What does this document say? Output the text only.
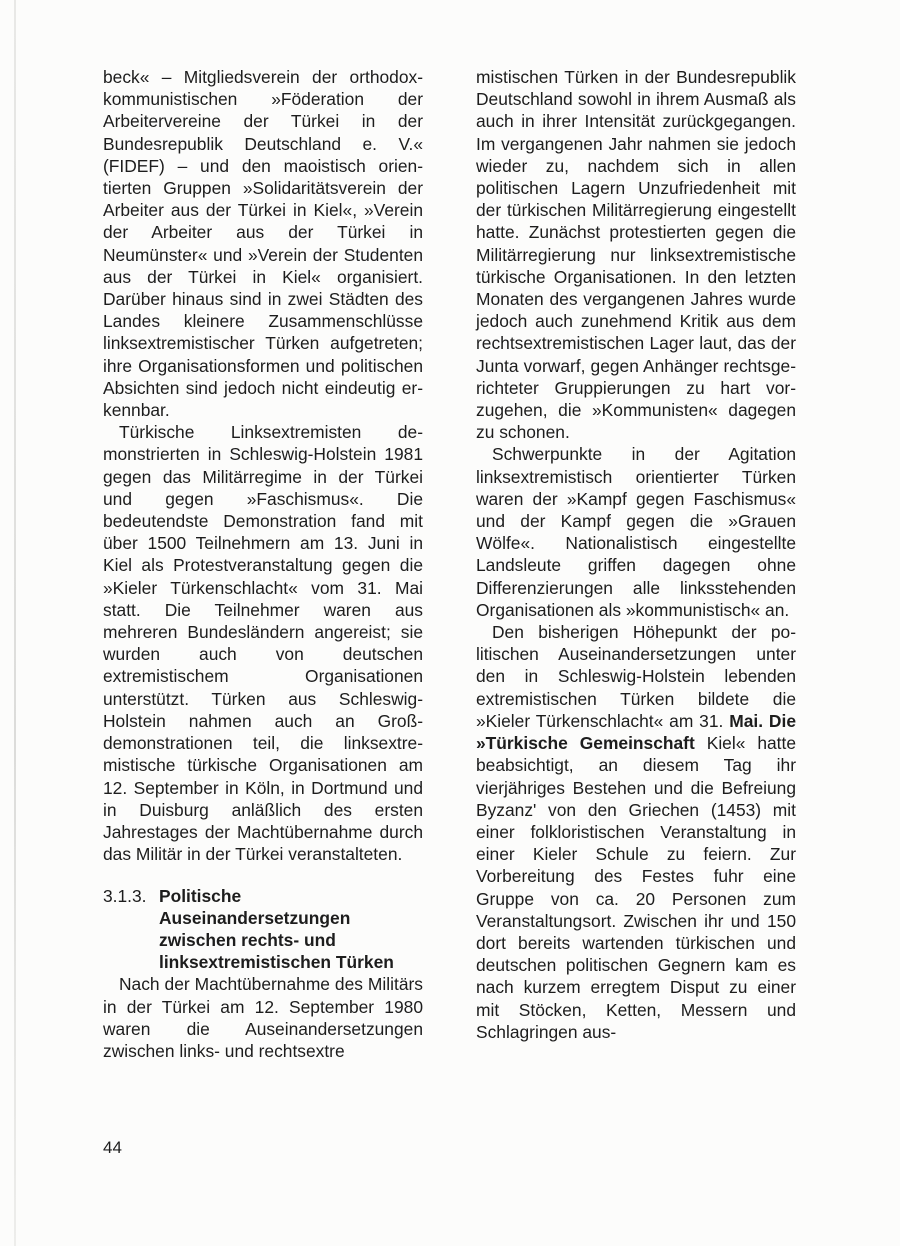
beck« – Mitgliedsverein der orthodox-kommunistischen »Föderation der Arbeitervereine der Türkei in der Bundesrepublik Deutschland e. V.« (FIDEF) – und den maoistisch orientierten Gruppen »Solidaritätsverein der Arbeiter aus der Türkei in Kiel«, »Verein der Arbeiter aus der Türkei in Neumünster« und »Verein der Studenten aus der Türkei in Kiel« organisiert. Darüber hinaus sind in zwei Städten des Landes kleinere Zusammenschlüsse linksextremistischer Türken aufgetreten; ihre Organisationsformen und politischen Absichten sind jedoch nicht eindeutig erkennbar.

Türkische Linksextremisten demonstrierten in Schleswig-Holstein 1981 gegen das Militärregime in der Türkei und gegen »Faschismus«. Die bedeutendste Demonstration fand mit über 1500 Teilnehmern am 13. Juni in Kiel als Protestveranstaltung gegen die »Kieler Türkenschlacht« vom 31. Mai statt. Die Teilnehmer waren aus mehreren Bundesländern angereist; sie wurden auch von deutschen extremistischem Organisationen unterstützt. Türken aus Schleswig-Holstein nahmen auch an Großdemonstrationen teil, die linksextremistische türkische Organisationen am 12. September in Köln, in Dortmund und in Duisburg anläßlich des ersten Jahrestages der Machtübernahme durch das Militär in der Türkei veranstalteten.

3.1.3. Politische Auseinandersetzungen zwischen rechts- und linksextremistischen Türken

Nach der Machtübernahme des Militärs in der Türkei am 12. September 1980 waren die Auseinandersetzungen zwischen links- und rechtsextre

mistischen Türken in der Bundesrepublik Deutschland sowohl in ihrem Ausmaß als auch in ihrer Intensität zurückgegangen. Im vergangenen Jahr nahmen sie jedoch wieder zu, nachdem sich in allen politischen Lagern Unzufriedenheit mit der türkischen Militärregierung eingestellt hatte. Zunächst protestierten gegen die Militärregierung nur linksextremistische türkische Organisationen. In den letzten Monaten des vergangenen Jahres wurde jedoch auch zunehmend Kritik aus dem rechtsextremistischen Lager laut, das der Junta vorwarf, gegen Anhänger rechtsgerichteter Gruppierungen zu hart vorzugehen, die »Kommunisten« dagegen zu schonen.

Schwerpunkte in der Agitation linksextremistisch orientierter Türken waren der »Kampf gegen Faschismus« und der Kampf gegen die »Grauen Wölfe«. Nationalistisch eingestellte Landsleute griffen dagegen ohne Differenzierungen alle linksstehenden Organisationen als »kommunistisch« an.

Den bisherigen Höhepunkt der politischen Auseinandersetzungen unter den in Schleswig-Holstein lebenden extremistischen Türken bildete die »Kieler Türkenschlacht« am 31. Mai. Die »Türkische Gemeinschaft Kiel« hatte beabsichtigt, an diesem Tag ihr vierjähriges Bestehen und die Befreiung Byzanz' von den Griechen (1453) mit einer folkloristischen Veranstaltung in einer Kieler Schule zu feiern. Zur Vorbereitung des Festes fuhr eine Gruppe von ca. 20 Personen zum Veranstaltungsort. Zwischen ihr und 150 dort bereits wartenden türkischen und deutschen politischen Gegnern kam es nach kurzem erregtem Disput zu einer mit Stöcken, Ketten, Messern und Schlagringen aus-

44
